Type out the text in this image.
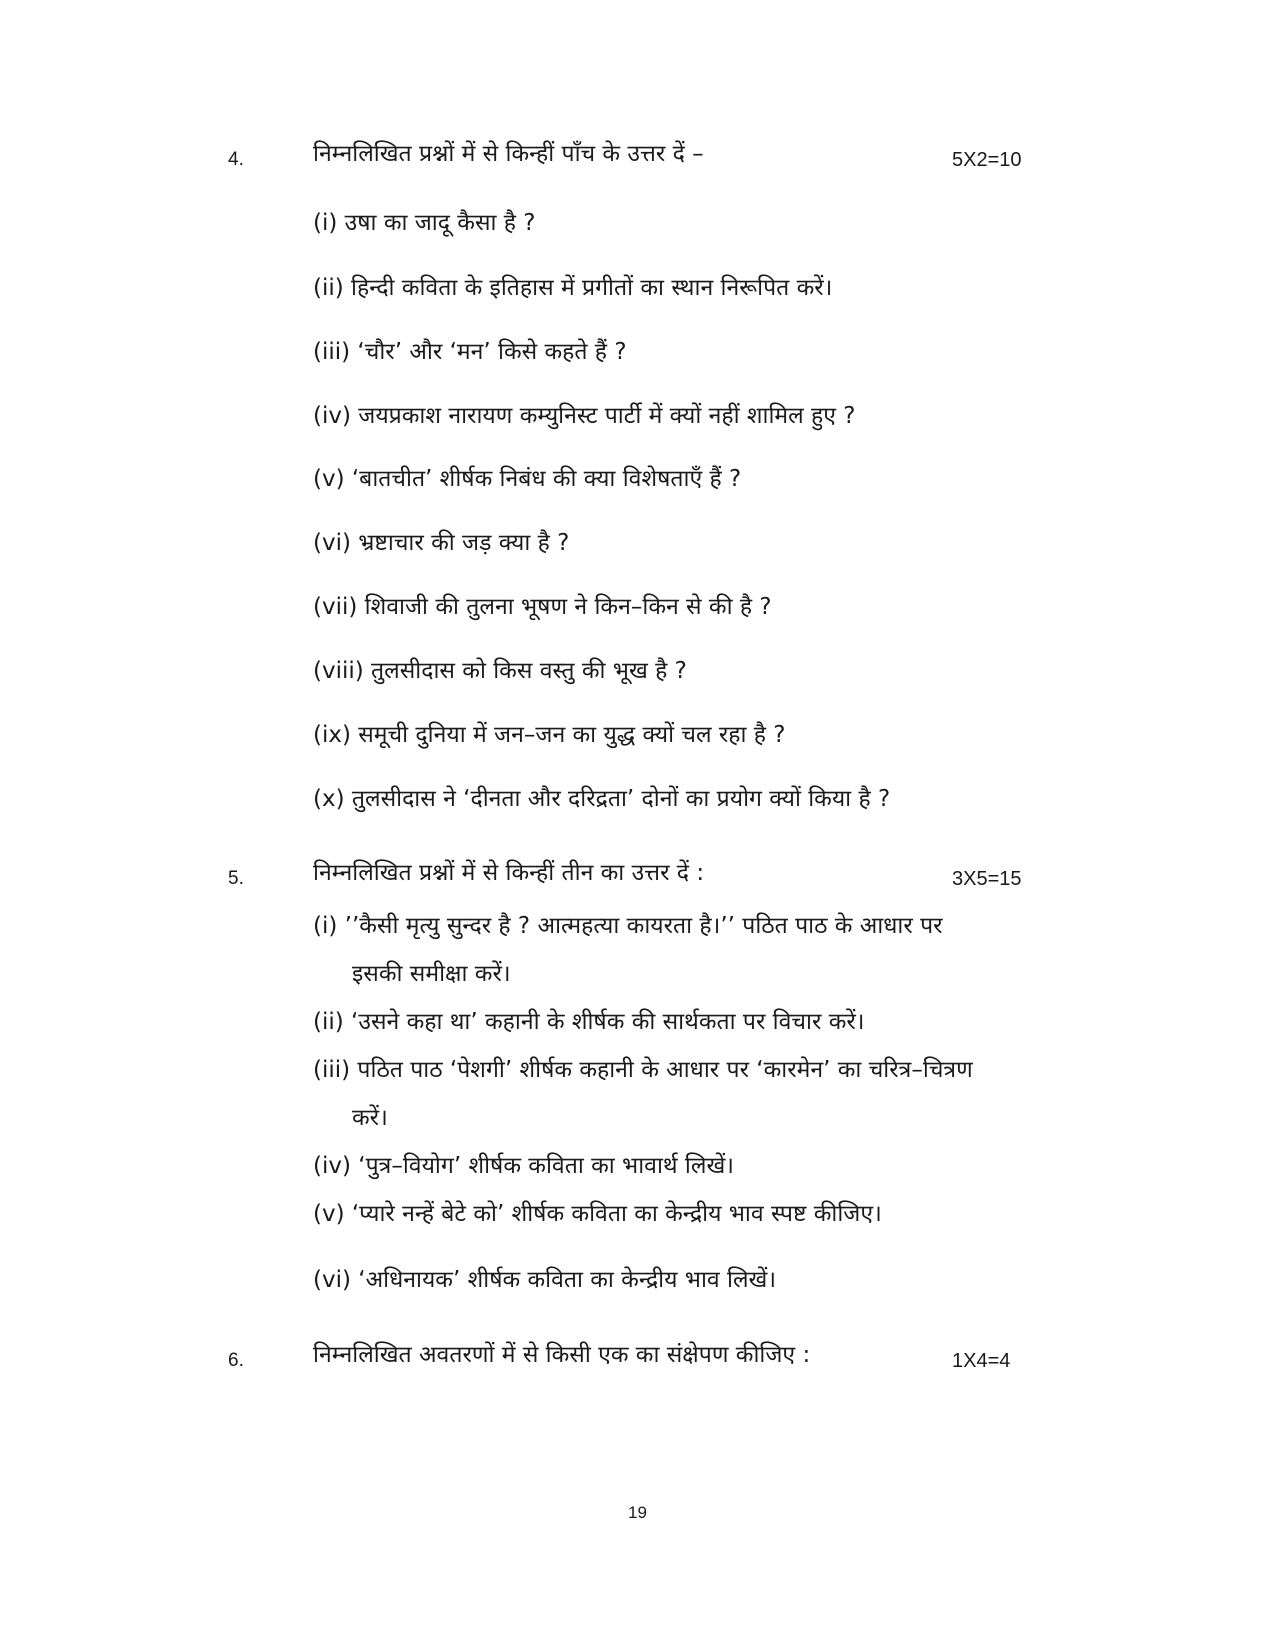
4.	निम्नलिखित प्रश्नों में से किन्हीं पाँच के उत्तर दें –	5X2=10
(i) उषा का जादू कैसा है ?
(ii) हिन्दी कविता के इतिहास में प्रगीतों का स्थान निरूपित करें।
(iii) ‘चौर’ और ‘मन’ किसे कहते हैं ?
(iv) जयप्रकाश नारायण कम्युनिस्ट पार्टी में क्यों नहीं शामिल हुए ?
(v) ‘बातचीत’ शीर्षक निबंध की क्या विशेषताएँ हैं ?
(vi) भ्रष्टाचार की जड़ क्या है ?
(vii) शिवाजी की तुलना भूषण ने किन–किन से की है ?
(viii) तुलसीदास को किस वस्तु की भूख है ?
(ix) समूची दुनिया में जन–जन का युद्ध क्यों चल रहा है ?
(x) तुलसीदास ने ‘दीनता और दरिद्रता’ दोनों का प्रयोग क्यों किया है ?
5.	निम्नलिखित प्रश्नों में से किन्हीं तीन का उत्तर दें :	3X5=15
(i) ’’कैसी मृत्यु सुन्दर है ? आत्महत्या कायरता है।’’ पठित पाठ के आधार पर
इसकी समीक्षा करें।
(ii) ‘उसने कहा था’ कहानी के शीर्षक की सार्थकता पर विचार करें।
(iii) पठित पाठ ‘पेशगी’ शीर्षक कहानी के आधार पर ‘कारमेन’ का चरित्र–चित्रण
करें।
(iv) ‘पुत्र–वियोग’ शीर्षक कविता का भावार्थ लिखें।
(v) ‘प्यारे नन्हें बेटे को’ शीर्षक कविता का केन्द्रीय भाव स्पष्ट कीजिए।
(vi) ‘अधिनायक’ शीर्षक कविता का केन्द्रीय भाव लिखें।
6.	निम्नलिखित अवतरणों में से किसी एक का संक्षेपण कीजिए :	1X4=4
19
